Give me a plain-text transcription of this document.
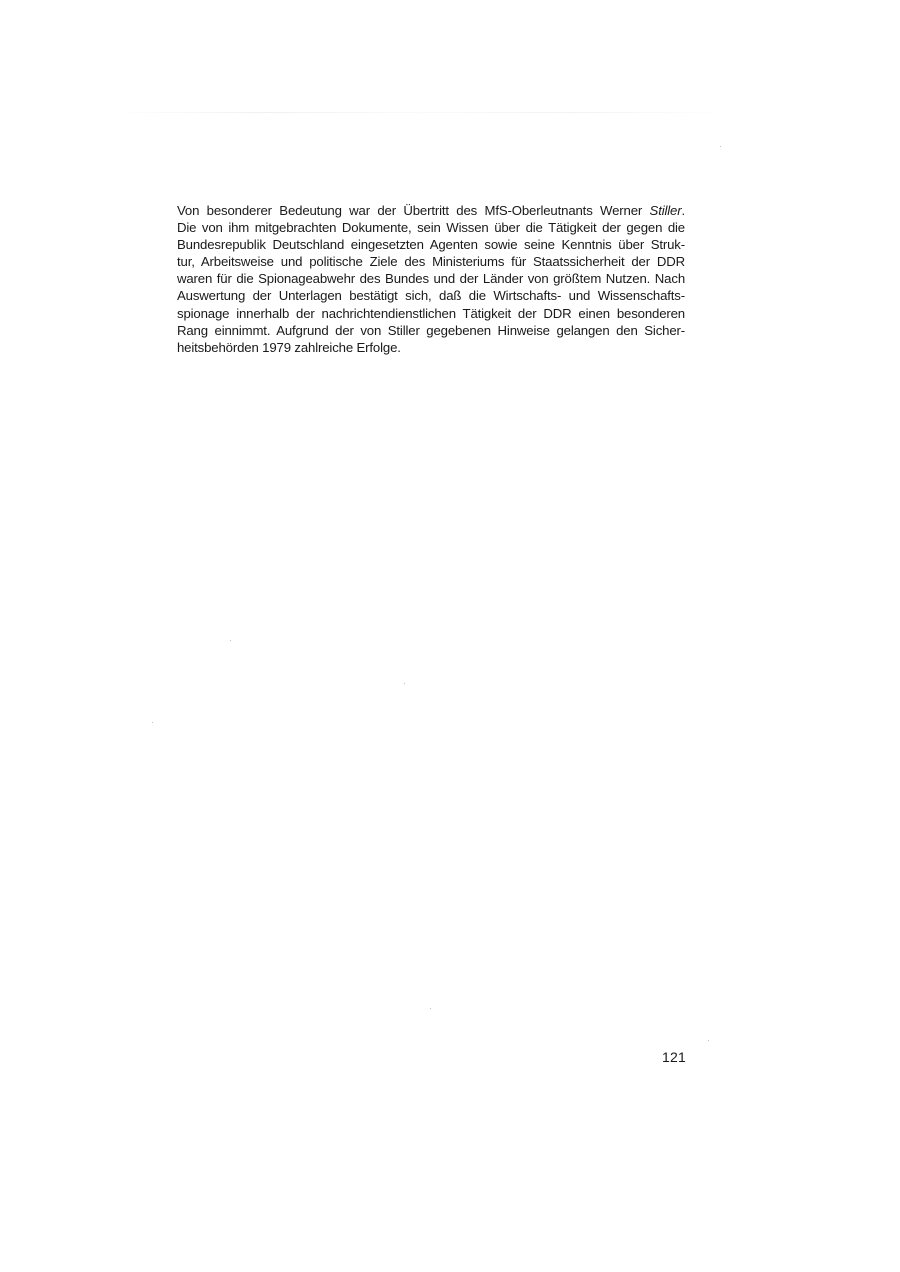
Von besonderer Bedeutung war der Übertritt des MfS-Oberleutnants Werner Stiller.
Die von ihm mitgebrachten Dokumente, sein Wissen über die Tätigkeit der gegen die
Bundesrepublik Deutschland eingesetzten Agenten sowie seine Kenntnis über Struk-
tur, Arbeitsweise und politische Ziele des Ministeriums für Staatssicherheit der DDR
waren für die Spionageabwehr des Bundes und der Länder von größtem Nutzen. Nach
Auswertung der Unterlagen bestätigt sich, daß die Wirtschafts- und Wissenschafts-
spionage innerhalb der nachrichtendienstlichen Tätigkeit der DDR einen besonderen
Rang einnimmt. Aufgrund der von Stiller gegebenen Hinweise gelangen den Sicher-
heitsbehörden 1979 zahlreiche Erfolge.
121
